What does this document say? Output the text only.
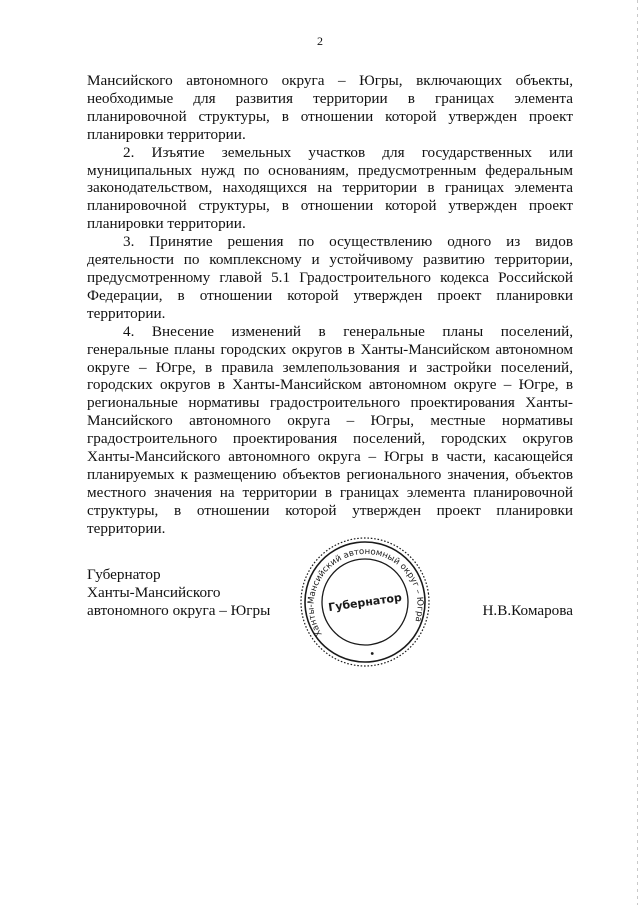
2

Мансийского автономного округа – Югры, включающих объекты, необходимые для развития территории в границах элемента планировочной структуры, в отношении которой утвержден проект планировки территории.

2. Изъятие земельных участков для государственных или муниципальных нужд по основаниям, предусмотренным федеральным законодательством, находящихся на территории в границах элемента планировочной структуры, в отношении которой утвержден проект планировки территории.

3. Принятие решения по осуществлению одного из видов деятельности по комплексному и устойчивому развитию территории, предусмотренному главой 5.1 Градостроительного кодекса Российской Федерации, в отношении которой утвержден проект планировки территории.

4. Внесение изменений в генеральные планы поселений, генеральные планы городских округов в Ханты-Мансийском автономном округе – Югре, в правила землепользования и застройки поселений, городских округов в Ханты-Мансийском автономном округе – Югре, в региональные нормативы градостроительного проектирования Ханты-Мансийского автономного округа – Югры, местные нормативы градостроительного проектирования поселений, городских округов Ханты-Мансийского автономного округа – Югры в части, касающейся планируемых к размещению объектов регионального значения, объектов местного значения на территории в границах элемента планировочной структуры, в отношении которой утвержден проект планировки территории.

Губернатор
Ханты-Мансийского
автономного округа – Югры	Н.В.Комарова
Ханты-Мансийский автономный округ – Югра
Губернатор
